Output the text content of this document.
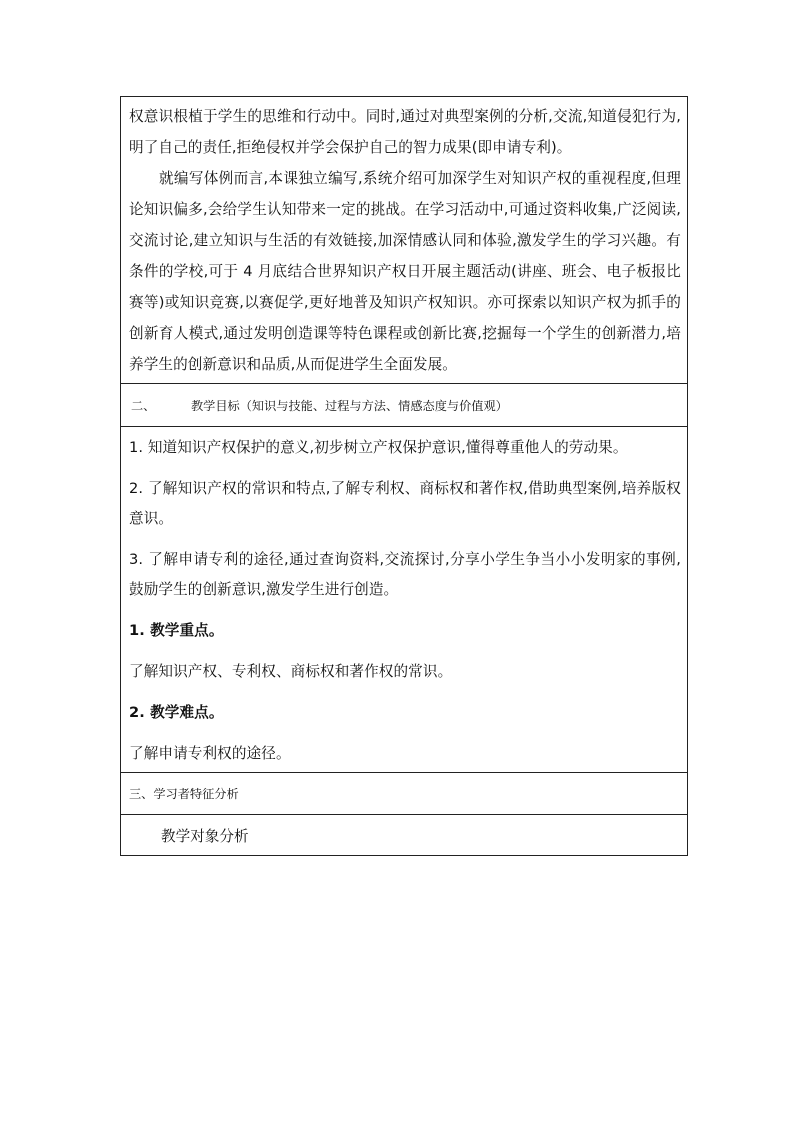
权意识根植于学生的思维和行动中。同时,通过对典型案例的分析,交流,知道侵犯行为,明了自己的责任,拒绝侵权并学会保护自己的智力成果(即申请专利)。

就编写体例而言,本课独立编写,系统介绍可加深学生对知识产权的重视程度,但理论知识偏多,会给学生认知带来一定的挑战。在学习活动中,可通过资料收集,广泛阅读,交流讨论,建立知识与生活的有效链接,加深情感认同和体验,激发学生的学习兴趣。有条件的学校,可于 4 月底结合世界知识产权日开展主题活动(讲座、班会、电子板报比赛等)或知识竞赛,以赛促学,更好地普及知识产权知识。亦可探索以知识产权为抓手的创新育人模式,通过发明创造课等特色课程或创新比赛,挖掘每一个学生的创新潜力,培养学生的创新意识和品质,从而促进学生全面发展。

二、	教学目标（知识与技能、过程与方法、情感态度与价值观）

1. 知道知识产权保护的意义,初步树立产权保护意识,懂得尊重他人的劳动果。

2. 了解知识产权的常识和特点,了解专利权、商标权和著作权,借助典型案例,培养版权意识。

3. 了解申请专利的途径,通过查询资料,交流探讨,分享小学生争当小小发明家的事例,鼓励学生的创新意识,激发学生进行创造。

1. 教学重点。

了解知识产权、专利权、商标权和著作权的常识。

2. 教学难点。

了解申请专利权的途径。

三、学习者特征分析
教学对象分析
